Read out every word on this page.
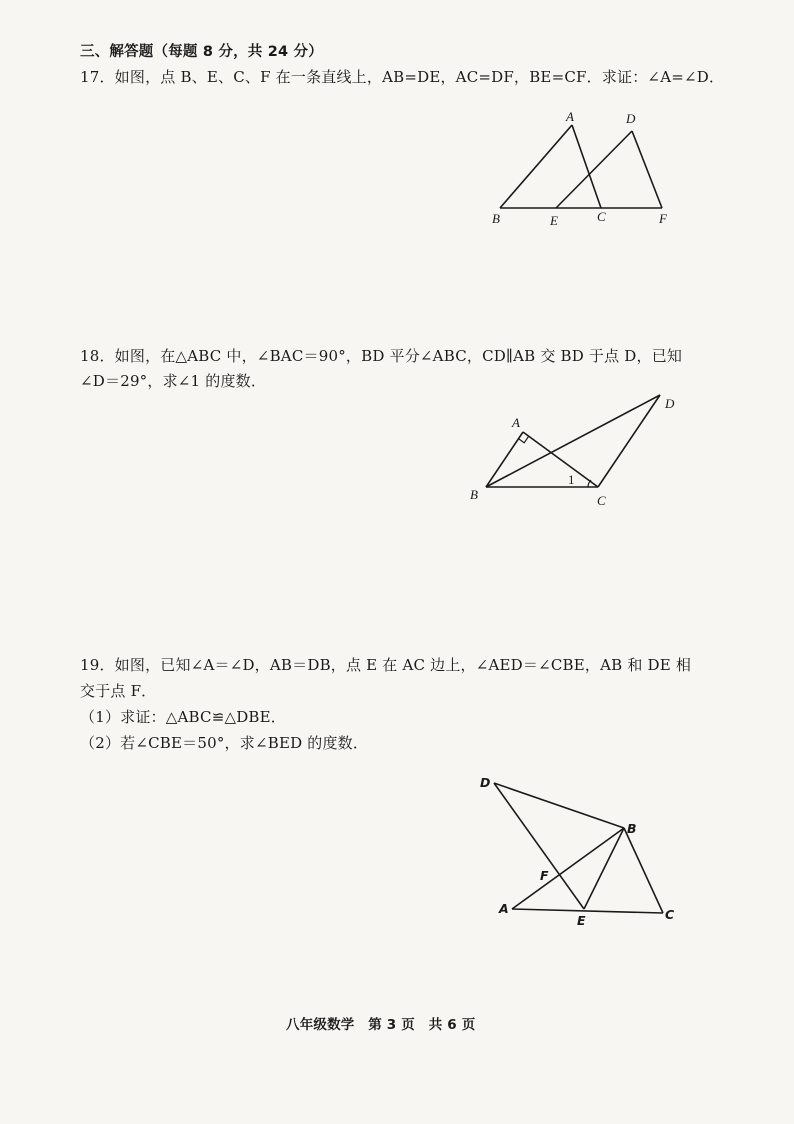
三、解答题（每题 8 分，共 24 分）
17．如图，点 B、E、C、F 在一条直线上，AB=DE，AC=DF，BE=CF．求证：∠A=∠D．
A	D
B	E	C	F
18．如图，在△ABC 中，∠BAC＝90°，BD 平分∠ABC，CD∥AB 交 BD 于点 D，已知
∠D＝29°，求∠1 的度数．
A
B	C
D
1
19．如图，已知∠A＝∠D，AB＝DB，点 E 在 AC 边上，∠AED＝∠CBE，AB 和 DE 相
交于点 F．
（1）求证：△ABC≌△DBE．
（2）若∠CBE＝50°，求∠BED 的度数．
D
B
F
A
E	C
八年级数学　第 3 页　共 6 页
